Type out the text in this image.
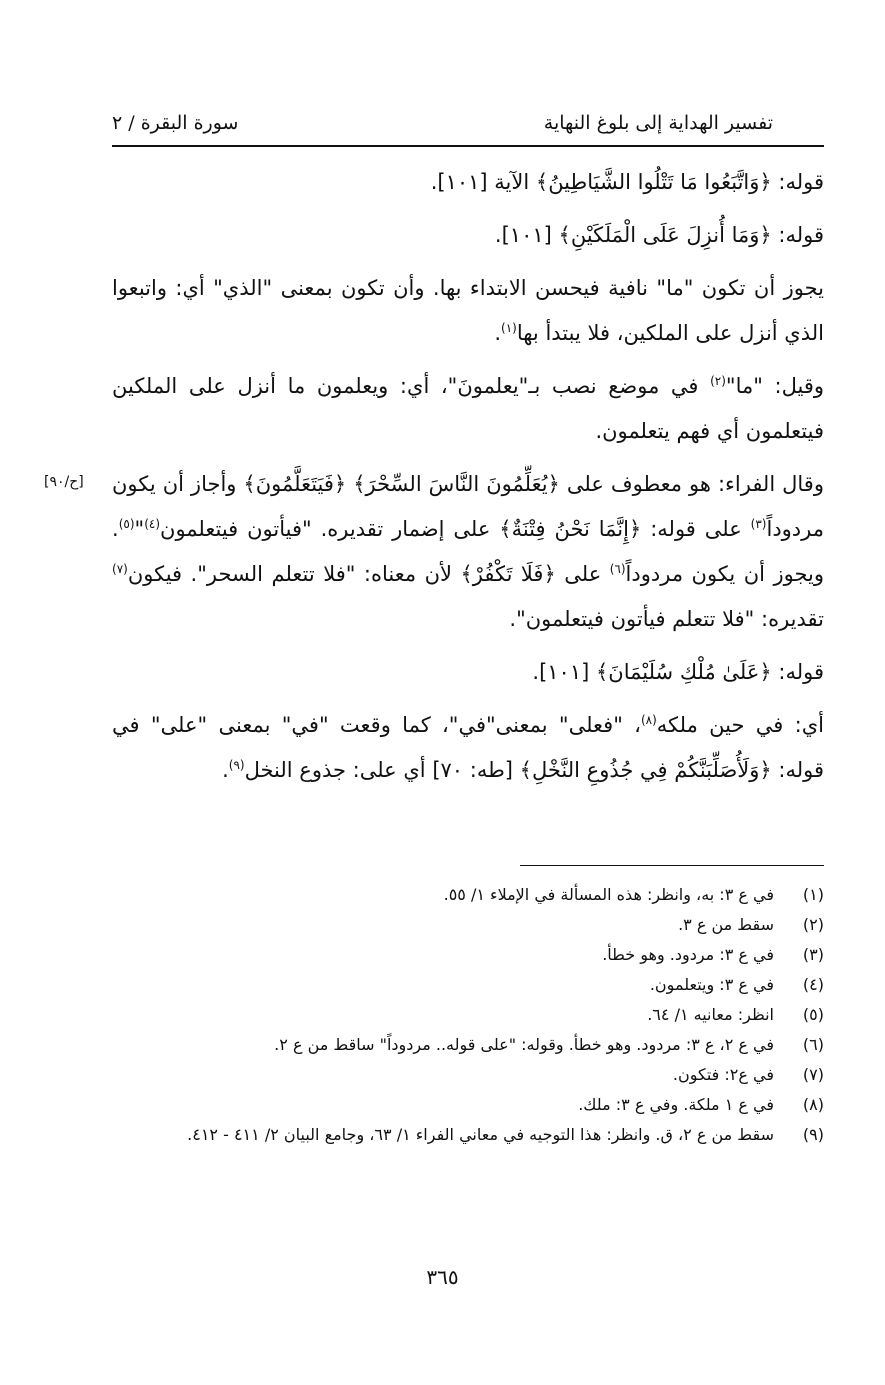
تفسير الهداية إلى بلوغ النهاية
سورة البقرة / ٢
[ح/٩٠]

قوله: ﴿وَاتَّبَعُوا مَا تَتْلُوا الشَّيَاطِينُ﴾ الآية [١٠١].

قوله: ﴿وَمَا أُنزِلَ عَلَى الْمَلَكَيْنِ﴾ [١٠١].

يجوز أن تكون "ما" نافية فيحسن الابتداء بها. وأن تكون بمعنى "الذي" أي: واتبعوا الذي أنزل على الملكين، فلا يبتدأ بها$^{(١)}$.

وقيل: "ما"$^{(٢)}$ في موضع نصب بـ"يعلمونَ"، أي: ويعلمون ما أنزل على الملكين فيتعلمون أي فهم يتعلمون.

وقال الفراء: هو معطوف على ﴿يُعَلِّمُونَ النَّاسَ السِّحْرَ﴾ ﴿فَيَتَعَلَّمُونَ﴾ وأجاز أن يكون مردوداً$^{(٣)}$ على قوله: ﴿إِنَّمَا نَحْنُ فِتْنَةٌ﴾ على إضمار تقديره. "فيأتون فيتعلمون$^{(٤)}$"$^{(٥)}$. ويجوز أن يكون مردوداً$^{(٦)}$ على ﴿فَلَا تَكْفُرْ﴾ لأن معناه: "فلا تتعلم السحر". فيكون$^{(٧)}$ تقديره: "فلا تتعلم فيأتون فيتعلمون".

قوله: ﴿عَلَىٰ مُلْكِ سُلَيْمَانَ﴾ [١٠١].

أي: في حين ملكه$^{(٨)}$، "فعلى" بمعنى"في"، كما وقعت "في" بمعنى "على" في قوله: ﴿وَلَأُصَلِّبَنَّكُمْ فِي جُذُوعِ النَّخْلِ﴾ [طه: ٧٠] أي على: جذوع النخل$^{(٩)}$.

(١)
في ع ٣: به، وانظر: هذه المسألة في الإملاء ١/ ٥٥.
(٢)
سقط من ع ٣.
(٣)
في ع ٣: مردود. وهو خطأ.
(٤)
في ع ٣: ويتعلمون.
(٥)
انظر: معانيه ١/ ٦٤.
(٦)
في ع ٢، ع ٣: مردود. وهو خطأ. وقوله: "على قوله.. مردوداً" ساقط من ع ٢.
(٧)
في ع٢: فتكون.
(٨)
في ع ١ ملكة. وفي ع ٣: ملك.
(٩)
سقط من ع ٢، ق. وانظر: هذا التوجيه في معاني الفراء ١/ ٦٣، وجامع البيان ٢/ ٤١١ - ٤١٢.
٣٦٥
